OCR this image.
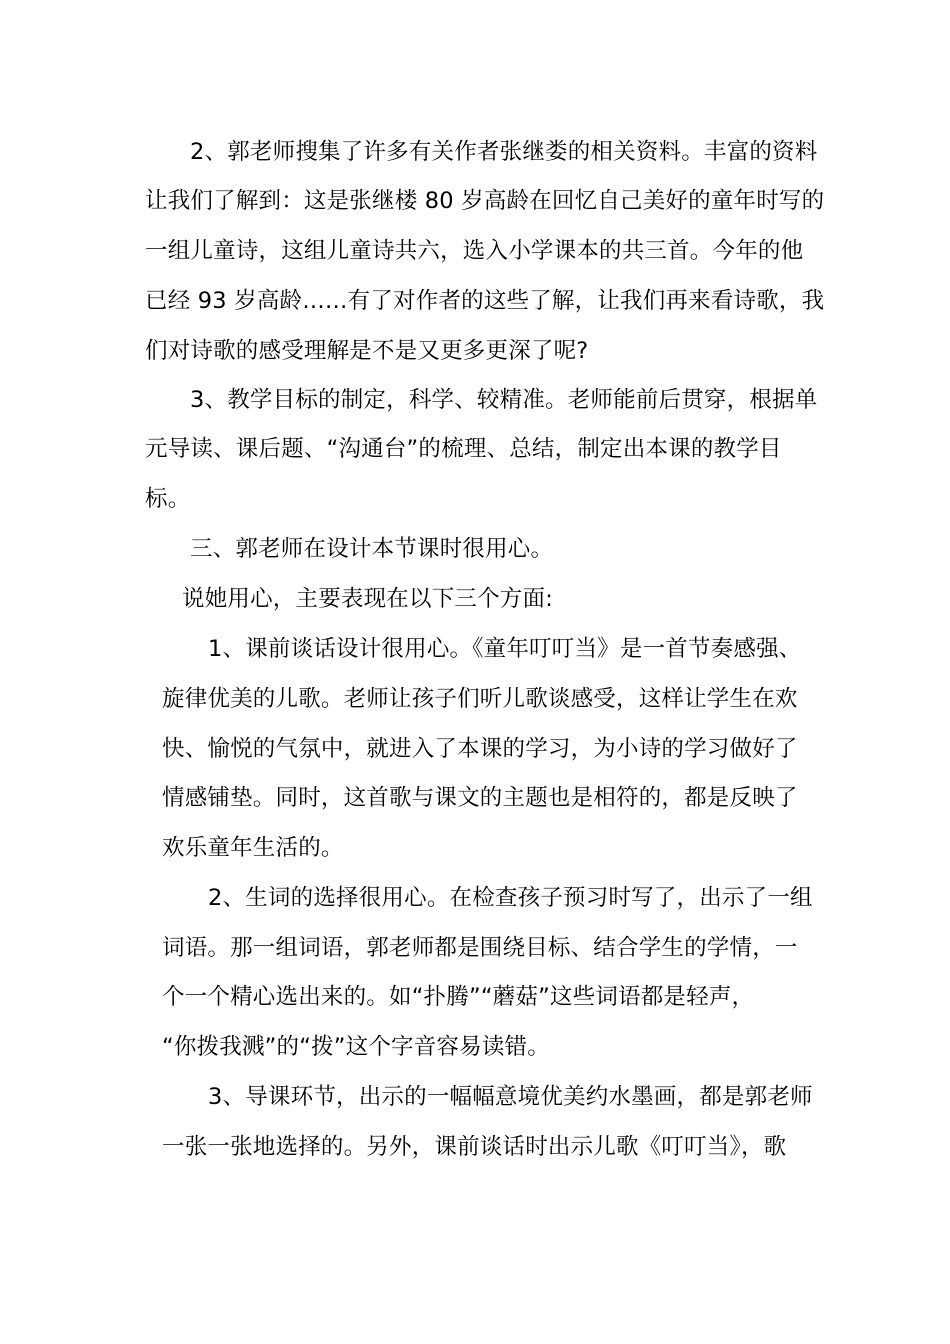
2、郭老师搜集了许多有关作者张继娄的相关资料。丰富的资料
让我们了解到：这是张继楼 80 岁高龄在回忆自己美好的童年时写的
一组儿童诗，这组儿童诗共六，选入小学课本的共三首。今年的他
已经 93 岁高龄……有了对作者的这些了解，让我们再来看诗歌，我
们对诗歌的感受理解是不是又更多更深了呢?
3、教学目标的制定，科学、较精准。老师能前后贯穿，根据单
元导读、课后题、“沟通台”的梳理、总结，制定出本课的教学目
标。
三、郭老师在设计本节课时很用心。
说她用心，主要表现在以下三个方面:
1、课前谈话设计很用心。《童年叮叮当》是一首节奏感强、
旋律优美的儿歌。老师让孩子们听儿歌谈感受，这样让学生在欢
快、愉悦的气氛中，就进入了本课的学习，为小诗的学习做好了
情感铺垫。同时，这首歌与课文的主题也是相符的，都是反映了
欢乐童年生活的。
2、生词的选择很用心。在检查孩子预习时写了，出示了一组
词语。那一组词语，郭老师都是围绕目标、结合学生的学情，一
个一个精心选出来的。如“扑腾”“蘑菇”这些词语都是轻声，
“你拨我溅”的“拨”这个字音容易读错。
3、导课环节，出示的一幅幅意境优美约水墨画，都是郭老师
一张一张地选择的。另外，课前谈话时出示儿歌《叮叮当》，歌
